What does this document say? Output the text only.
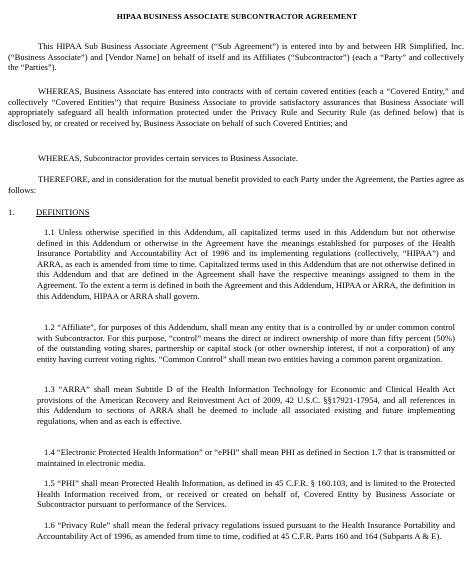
HIPAA BUSINESS ASSOCIATE SUBCONTRACTOR AGREEMENT
This HIPAA Sub Business Associate Agreement (“Sub Agreement”) is entered into by and between HR Simplified, Inc. (“Business Associate”) and [Vendor Name] on behalf of itself and its Affiliates (“Subcontractor”) (each a “Party” and collectively the “Parties”).
WHEREAS, Business Associate has entered into contracts with of certain covered entities (each a “Covered Entity,” and collectively “Covered Entities”) that require Business Associate to provide satisfactory assurances that Business Associate will appropriately safeguard all health information protected under the Privacy Rule and Security Rule (as defined below) that is disclosed by, or created or received by, Business Associate on behalf of such Covered Entities; and
WHEREAS, Subcontractor provides certain services to Business Associate.
THEREFORE, and in consideration for the mutual benefit provided to each Party under the Agreement, the Parties agree as follows:
1.	DEFINITIONS
1.1 Unless otherwise specified in this Addendum, all capitalized terms used in this Addendum but not otherwise defined in this Addendum or otherwise in the Agreement have the meanings established for purposes of the Health Insurance Portability and Accountability Act of 1996 and its implementing regulations (collectively, “HIPAA”) and ARRA, as each is amended from time to time. Capitalized terms used in this Addendum that are not otherwise defined in this Addendum and that are defined in the Agreement shall have the respective meanings assigned to them in the Agreement. To the extent a term is defined in both the Agreement and this Addendum, HIPAA or ARRA, the definition in this Addendum, HIPAA or ARRA shall govern.
1.2 “Affiliate”, for purposes of this Addendum, shall mean any entity that is a controlled by or under common control with Subcontractor. For this purpose, “control” means the direct or indirect ownership of more than fifty percent (50%) of the outstanding voting shares, partnership or capital stock (or other ownership interest, if not a corporation) of any entity having current voting rights. “Common Control” shall mean two entities having a common parent organization.
1.3 “ARRA” shall mean Subtitle D of the Health Information Technology for Economic and Clinical Health Act provisions of the American Recovery and Reinvestment Act of 2009, 42 U.S.C. §§17921-17954, and all references in this Addendum to sections of ARRA shall be deemed to include all associated existing and future implementing regulations, when and as each is effective.
1.4 “Electronic Protected Health Information” or “ePHI” shall mean PHI as defined in Section 1.7 that is transmitted or maintained in electronic media.
1.5 “PHI” shall mean Protected Health Information, as defined in 45 C.F.R. § 160.103, and is limited to the Protected Health Information received from, or received or created on behalf of, Covered Entity by Business Associate or Subcontractor pursuant to performance of the Services.
1.6 “Privacy Rule” shall mean the federal privacy regulations issued pursuant to the Health Insurance Portability and Accountability Act of 1996, as amended from time to time, codified at 45 C.F.R. Parts 160 and 164 (Subparts A & E).
